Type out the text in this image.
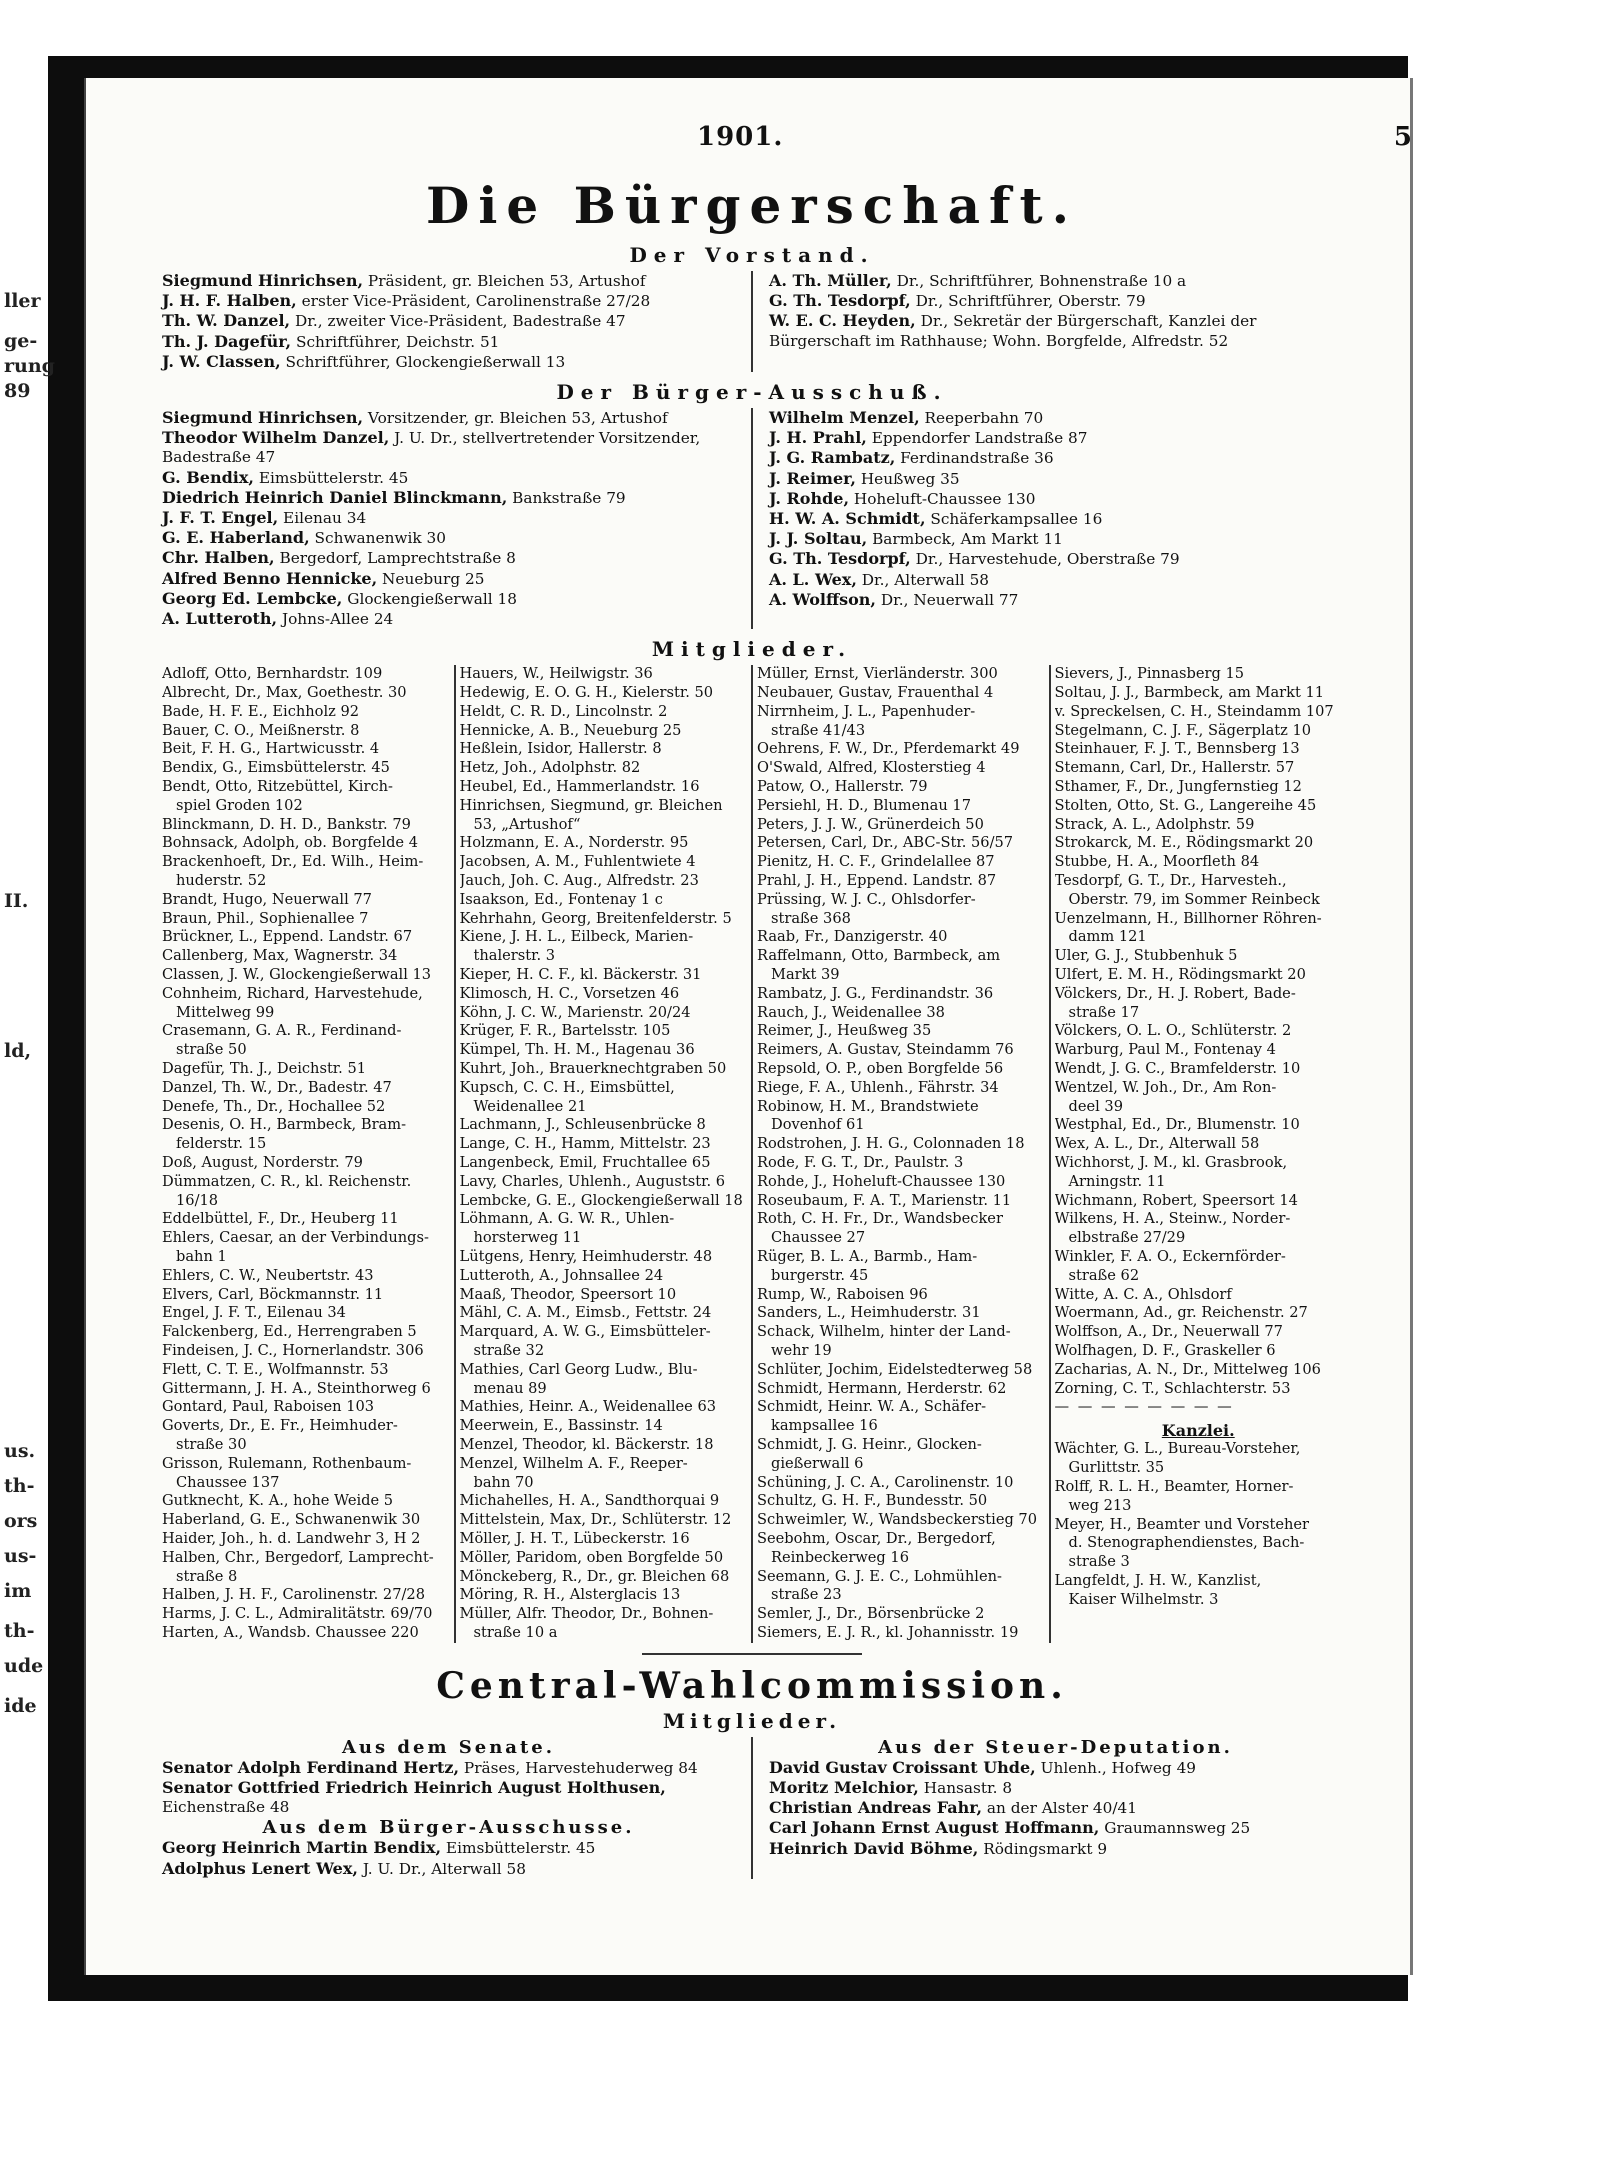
ller
ge-
rung
89
II.
ld,
us.
th-
ors
us-
im
th-
ude
ide
1901.	5
Die Bürgerschaft.
Der Vorstand.
Siegmund Hinrichsen, Präsident, gr. Bleichen 53, Artushof
J. H. F. Halben, erster Vice-Präsident, Carolinenstraße 27/28
Th. W. Danzel, Dr., zweiter Vice-Präsident, Badestraße 47
Th. J. Dagefür, Schriftführer, Deichstr. 51
J. W. Classen, Schriftführer, Glockengießerwall 13
A. Th. Müller, Dr., Schriftführer, Bohnenstraße 10 a
G. Th. Tesdorpf, Dr., Schriftführer, Oberstr. 79
W. E. C. Heyden, Dr., Sekretär der Bürgerschaft, Kanzlei der Bürgerschaft im Rathhause; Wohn. Borgfelde, Alfredstr. 52
Der Bürger-Ausschuß.
Siegmund Hinrichsen, Vorsitzender, gr. Bleichen 53, Artushof
Theodor Wilhelm Danzel, J. U. Dr., stellvertretender Vorsitzender, Badestraße 47
G. Bendix, Eimsbüttelerstr. 45
Diedrich Heinrich Daniel Blinckmann, Bankstraße 79
J. F. T. Engel, Eilenau 34
G. E. Haberland, Schwanenwik 30
Chr. Halben, Bergedorf, Lamprechtstraße 8
Alfred Benno Hennicke, Neueburg 25
Georg Ed. Lembcke, Glockengießerwall 18
A. Lutteroth, Johns-Allee 24
Wilhelm Menzel, Reeperbahn 70
J. H. Prahl, Eppendorfer Landstraße 87
J. G. Rambatz, Ferdinandstraße 36
J. Reimer, Heußweg 35
J. Rohde, Hoheluft-Chaussee 130
H. W. A. Schmidt, Schäferkampsallee 16
J. J. Soltau, Barmbeck, Am Markt 11
G. Th. Tesdorpf, Dr., Harvestehude, Oberstraße 79
A. L. Wex, Dr., Alterwall 58
A. Wolffson, Dr., Neuerwall 77
Mitglieder.
Adloff, Otto, Bernhardstr. 109
Albrecht, Dr., Max, Goethestr. 30
Bade, H. F. E., Eichholz 92
Bauer, C. O., Meißnerstr. 8
Beit, F. H. G., Hartwicusstr. 4
Bendix, G., Eimsbüttelerstr. 45
Bendt, Otto, Ritzebüttel, Kirch-
spiel Groden 102
Blinckmann, D. H. D., Bankstr. 79
Bohnsack, Adolph, ob. Borgfelde 4
Brackenhoeft, Dr., Ed. Wilh., Heim-
huderstr. 52
Brandt, Hugo, Neuerwall 77
Braun, Phil., Sophienallee 7
Brückner, L., Eppend. Landstr. 67
Callenberg, Max, Wagnerstr. 34
Classen, J. W., Glockengießerwall 13
Cohnheim, Richard, Harvestehude,
Mittelweg 99
Crasemann, G. A. R., Ferdinand-
straße 50
Dagefür, Th. J., Deichstr. 51
Danzel, Th. W., Dr., Badestr. 47
Denefe, Th., Dr., Hochallee 52
Desenis, O. H., Barmbeck, Bram-
felderstr. 15
Doß, August, Norderstr. 79
Dümmatzen, C. R., kl. Reichenstr.
16/18
Eddelbüttel, F., Dr., Heuberg 11
Ehlers, Caesar, an der Verbindungs-
bahn 1
Ehlers, C. W., Neubertstr. 43
Elvers, Carl, Böckmannstr. 11
Engel, J. F. T., Eilenau 34
Falckenberg, Ed., Herrengraben 5
Findeisen, J. C., Hornerlandstr. 306
Flett, C. T. E., Wolfmannstr. 53
Gittermann, J. H. A., Steinthorweg 6
Gontard, Paul, Raboisen 103
Goverts, Dr., E. Fr., Heimhuder-
straße 30
Grisson, Rulemann, Rothenbaum-
Chaussee 137
Gutknecht, K. A., hohe Weide 5
Haberland, G. E., Schwanenwik 30
Haider, Joh., h. d. Landwehr 3, H 2
Halben, Chr., Bergedorf, Lamprecht-
straße 8
Halben, J. H. F., Carolinenstr. 27/28
Harms, J. C. L., Admiralitätstr. 69/70
Harten, A., Wandsb. Chaussee 220
Hauers, W., Heilwigstr. 36
Hedewig, E. O. G. H., Kielerstr. 50
Heldt, C. R. D., Lincolnstr. 2
Hennicke, A. B., Neueburg 25
Heßlein, Isidor, Hallerstr. 8
Hetz, Joh., Adolphstr. 82
Heubel, Ed., Hammerlandstr. 16
Hinrichsen, Siegmund, gr. Bleichen
53, „Artushof“
Holzmann, E. A., Norderstr. 95
Jacobsen, A. M., Fuhlentwiete 4
Jauch, Joh. C. Aug., Alfredstr. 23
Isaakson, Ed., Fontenay 1 c
Kehrhahn, Georg, Breitenfelderstr. 5
Kiene, J. H. L., Eilbeck, Marien-
thalerstr. 3
Kieper, H. C. F., kl. Bäckerstr. 31
Klimosch, H. C., Vorsetzen 46
Köhn, J. C. W., Marienstr. 20/24
Krüger, F. R., Bartelsstr. 105
Kümpel, Th. H. M., Hagenau 36
Kuhrt, Joh., Brauerknechtgraben 50
Kupsch, C. C. H., Eimsbüttel,
Weidenallee 21
Lachmann, J., Schleusenbrücke 8
Lange, C. H., Hamm, Mittelstr. 23
Langenbeck, Emil, Fruchtallee 65
Lavy, Charles, Uhlenh., Auguststr. 6
Lembcke, G. E., Glockengießerwall 18
Löhmann, A. G. W. R., Uhlen-
horsterweg 11
Lütgens, Henry, Heimhuderstr. 48
Lutteroth, A., Johnsallee 24
Maaß, Theodor, Speersort 10
Mähl, C. A. M., Eimsb., Fettstr. 24
Marquard, A. W. G., Eimsbütteler-
straße 32
Mathies, Carl Georg Ludw., Blu-
menau 89
Mathies, Heinr. A., Weidenallee 63
Meerwein, E., Bassinstr. 14
Menzel, Theodor, kl. Bäckerstr. 18
Menzel, Wilhelm A. F., Reeper-
bahn 70
Michahelles, H. A., Sandthorquai 9
Mittelstein, Max, Dr., Schlüterstr. 12
Möller, J. H. T., Lübeckerstr. 16
Möller, Paridom, oben Borgfelde 50
Mönckeberg, R., Dr., gr. Bleichen 68
Möring, R. H., Alsterglacis 13
Müller, Alfr. Theodor, Dr., Bohnen-
straße 10 a
Müller, Ernst, Vierländerstr. 300
Neubauer, Gustav, Frauenthal 4
Nirrnheim, J. L., Papenhuder-
straße 41/43
Oehrens, F. W., Dr., Pferdemarkt 49
O'Swald, Alfred, Klosterstieg 4
Patow, O., Hallerstr. 79
Persiehl, H. D., Blumenau 17
Peters, J. J. W., Grünerdeich 50
Petersen, Carl, Dr., ABC-Str. 56/57
Pienitz, H. C. F., Grindelallee 87
Prahl, J. H., Eppend. Landstr. 87
Prüssing, W. J. C., Ohlsdorfer-
straße 368
Raab, Fr., Danzigerstr. 40
Raffelmann, Otto, Barmbeck, am
Markt 39
Rambatz, J. G., Ferdinandstr. 36
Rauch, J., Weidenallee 38
Reimer, J., Heußweg 35
Reimers, A. Gustav, Steindamm 76
Repsold, O. P., oben Borgfelde 56
Riege, F. A., Uhlenh., Fährstr. 34
Robinow, H. M., Brandstwiete
Dovenhof 61
Rodstrohen, J. H. G., Colonnaden 18
Rode, F. G. T., Dr., Paulstr. 3
Rohde, J., Hoheluft-Chaussee 130
Roseubaum, F. A. T., Marienstr. 11
Roth, C. H. Fr., Dr., Wandsbecker
Chaussee 27
Rüger, B. L. A., Barmb., Ham-
burgerstr. 45
Rump, W., Raboisen 96
Sanders, L., Heimhuderstr. 31
Schack, Wilhelm, hinter der Land-
wehr 19
Schlüter, Jochim, Eidelstedterweg 58
Schmidt, Hermann, Herderstr. 62
Schmidt, Heinr. W. A., Schäfer-
kampsallee 16
Schmidt, J. G. Heinr., Glocken-
gießerwall 6
Schüning, J. C. A., Carolinenstr. 10
Schultz, G. H. F., Bundesstr. 50
Schweimler, W., Wandsbeckerstieg 70
Seebohm, Oscar, Dr., Bergedorf,
Reinbeckerweg 16
Seemann, G. J. E. C., Lohmühlen-
straße 23
Semler, J., Dr., Börsenbrücke 2
Siemers, E. J. R., kl. Johannisstr. 19
Sievers, J., Pinnasberg 15
Soltau, J. J., Barmbeck, am Markt 11
v. Spreckelsen, C. H., Steindamm 107
Stegelmann, C. J. F., Sägerplatz 10
Steinhauer, F. J. T., Bennsberg 13
Stemann, Carl, Dr., Hallerstr. 57
Sthamer, F., Dr., Jungfernstieg 12
Stolten, Otto, St. G., Langereihe 45
Strack, A. L., Adolphstr. 59
Strokarck, M. E., Rödingsmarkt 20
Stubbe, H. A., Moorfleth 84
Tesdorpf, G. T., Dr., Harvesteh.,
Oberstr. 79, im Sommer Reinbeck
Uenzelmann, H., Billhorner Röhren-
damm 121
Uler, G. J., Stubbenhuk 5
Ulfert, E. M. H., Rödingsmarkt 20
Völckers, Dr., H. J. Robert, Bade-
straße 17
Völckers, O. L. O., Schlüterstr. 2
Warburg, Paul M., Fontenay 4
Wendt, J. G. C., Bramfelderstr. 10
Wentzel, W. Joh., Dr., Am Ron-
deel 39
Westphal, Ed., Dr., Blumenstr. 10
Wex, A. L., Dr., Alterwall 58
Wichhorst, J. M., kl. Grasbrook,
Arningstr. 11
Wichmann, Robert, Speersort 14
Wilkens, H. A., Steinw., Norder-
elbstraße 27/29
Winkler, F. A. O., Eckernförder-
straße 62
Witte, A. C. A., Ohlsdorf
Woermann, Ad., gr. Reichenstr. 27
Wolffson, A., Dr., Neuerwall 77
Wolfhagen, D. F., Graskeller 6
Zacharias, A. N., Dr., Mittelweg 106
Zorning, C. T., Schlachterstr. 53
— — — — — — — —
Kanzlei.
Wächter, G. L., Bureau-Vorsteher,
Gurlittstr. 35
Rolff, R. L. H., Beamter, Horner-
weg 213
Meyer, H., Beamter und Vorsteher
d. Stenographendienstes, Bach-
straße 3
Langfeldt, J. H. W., Kanzlist,
Kaiser Wilhelmstr. 3
Central-Wahlcommission.
Mitglieder.
Aus dem Senate.
Senator Adolph Ferdinand Hertz, Präses, Harvestehuderweg 84
Senator Gottfried Friedrich Heinrich August Holthusen, Eichenstraße 48
Aus dem Bürger-Ausschusse.
Georg Heinrich Martin Bendix, Eimsbüttelerstr. 45
Adolphus Lenert Wex, J. U. Dr., Alterwall 58
Aus der Steuer-Deputation.
David Gustav Croissant Uhde, Uhlenh., Hofweg 49
Moritz Melchior, Hansastr. 8
Christian Andreas Fahr, an der Alster 40/41
Carl Johann Ernst August Hoffmann, Graumannsweg 25
Heinrich David Böhme, Rödingsmarkt 9
